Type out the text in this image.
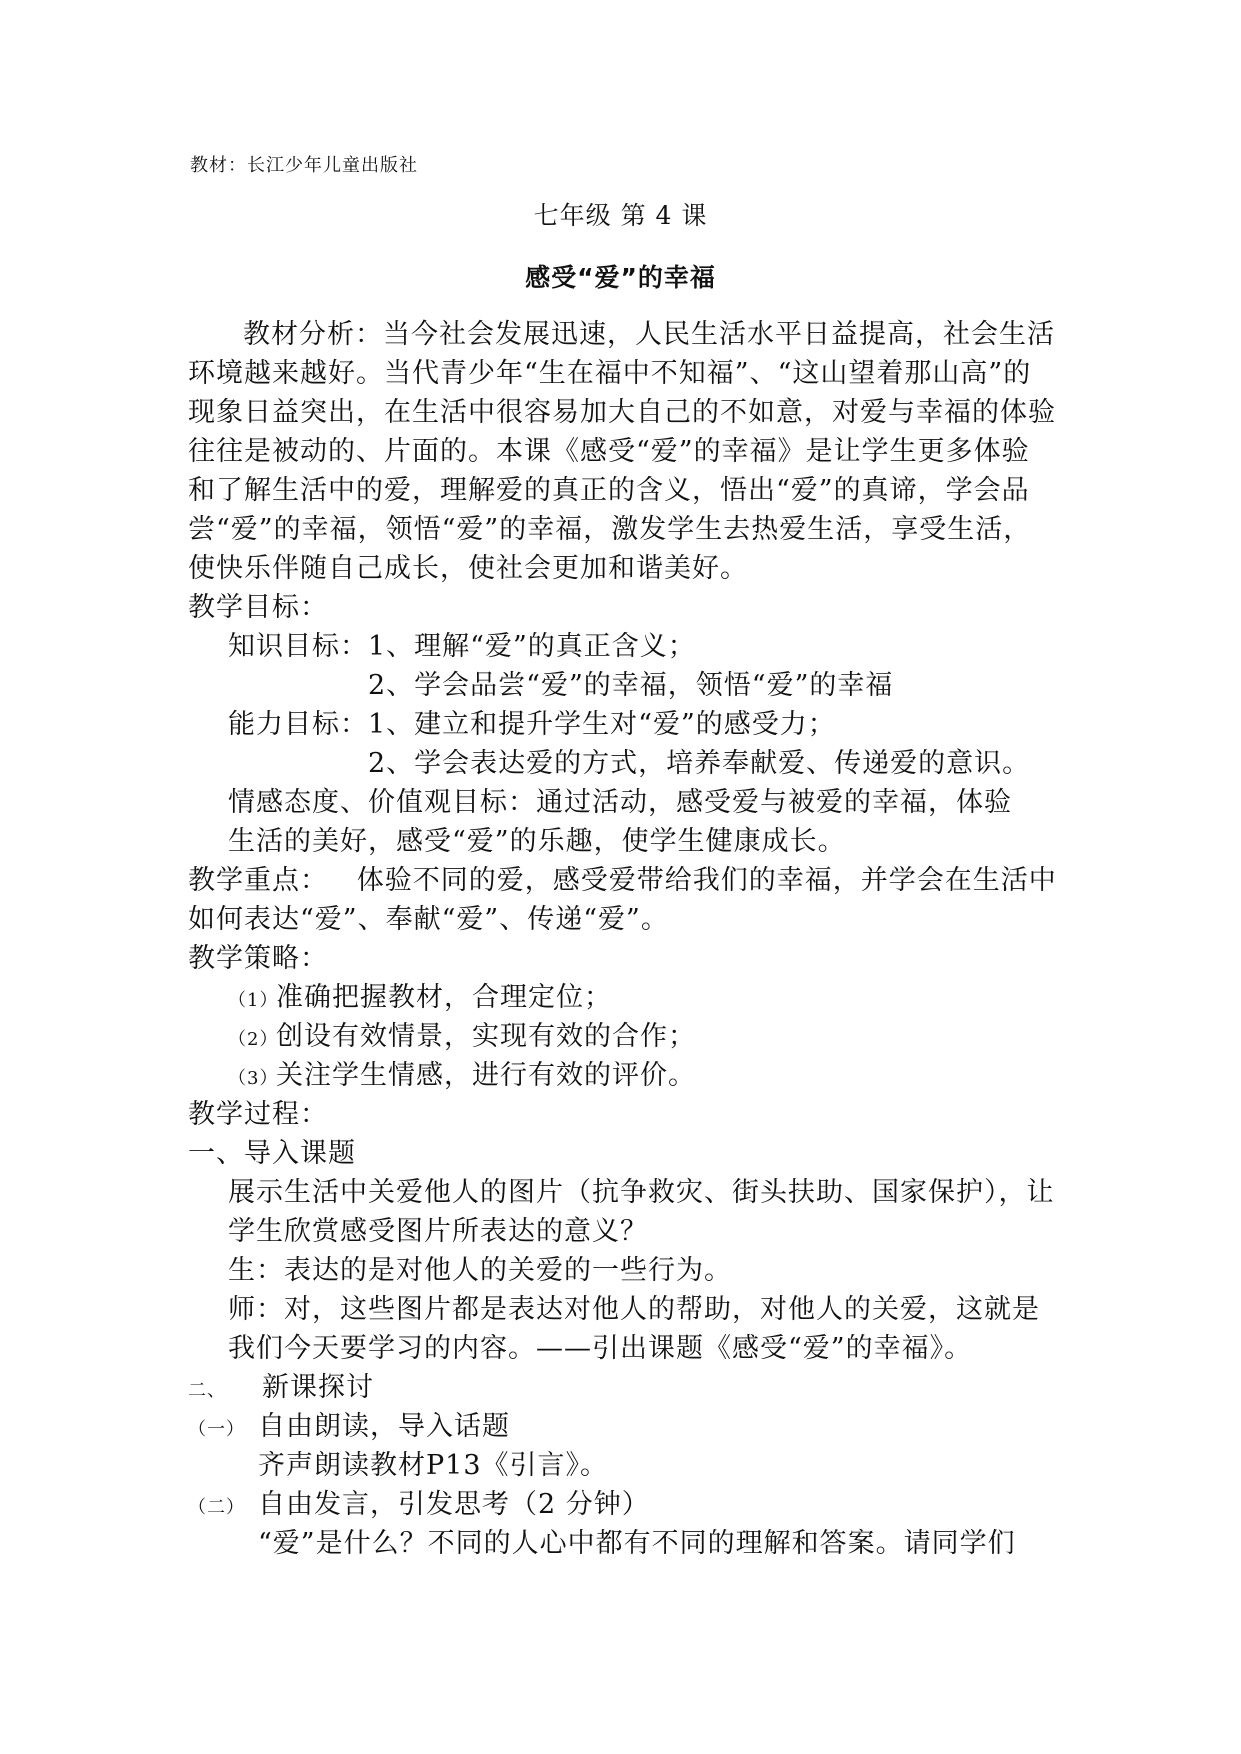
教材：长江少年儿童出版社
七年级 第 4 课
感受“爱”的幸福
教材分析：当今社会发展迅速，人民生活水平日益提高，社会生活
环境越来越好。当代青少年“生在福中不知福”、“这山望着那山高”的
现象日益突出，在生活中很容易加大自己的不如意，对爱与幸福的体验
往往是被动的、片面的。本课《感受“爱”的幸福》是让学生更多体验
和了解生活中的爱，理解爱的真正的含义，悟出“爱”的真谛，学会品
尝“爱”的幸福，领悟“爱”的幸福，激发学生去热爱生活，享受生活，
使快乐伴随自己成长，使社会更加和谐美好。
教学目标：
知识目标：1、理解“爱”的真正含义；
2、学会品尝“爱”的幸福，领悟“爱”的幸福
能力目标：1、建立和提升学生对“爱”的感受力；
2、学会表达爱的方式，培养奉献爱、传递爱的意识。
情感态度、价值观目标：通过活动，感受爱与被爱的幸福，体验
生活的美好，感受“爱”的乐趣，使学生健康成长。
教学重点：   体验不同的爱，感受爱带给我们的幸福，并学会在生活中
如何表达“爱”、奉献“爱”、传递“爱”。
教学策略：
（1）准确把握教材，合理定位；
（2）创设有效情景，实现有效的合作；
（3）关注学生情感，进行有效的评价。
教学过程：
一、导入课题
展示生活中关爱他人的图片（抗争救灾、街头扶助、国家保护），让
学生欣赏感受图片所表达的意义？
生：表达的是对他人的关爱的一些行为。
师：对，这些图片都是表达对他人的帮助，对他人的关爱，这就是
我们今天要学习的内容。——引出课题《感受“爱”的幸福》。
二、 新课探讨
（一） 自由朗读，导入话题
齐声朗读教材P13《引言》。
（二） 自由发言，引发思考（2 分钟）
“爱”是什么？不同的人心中都有不同的理解和答案。请同学们
